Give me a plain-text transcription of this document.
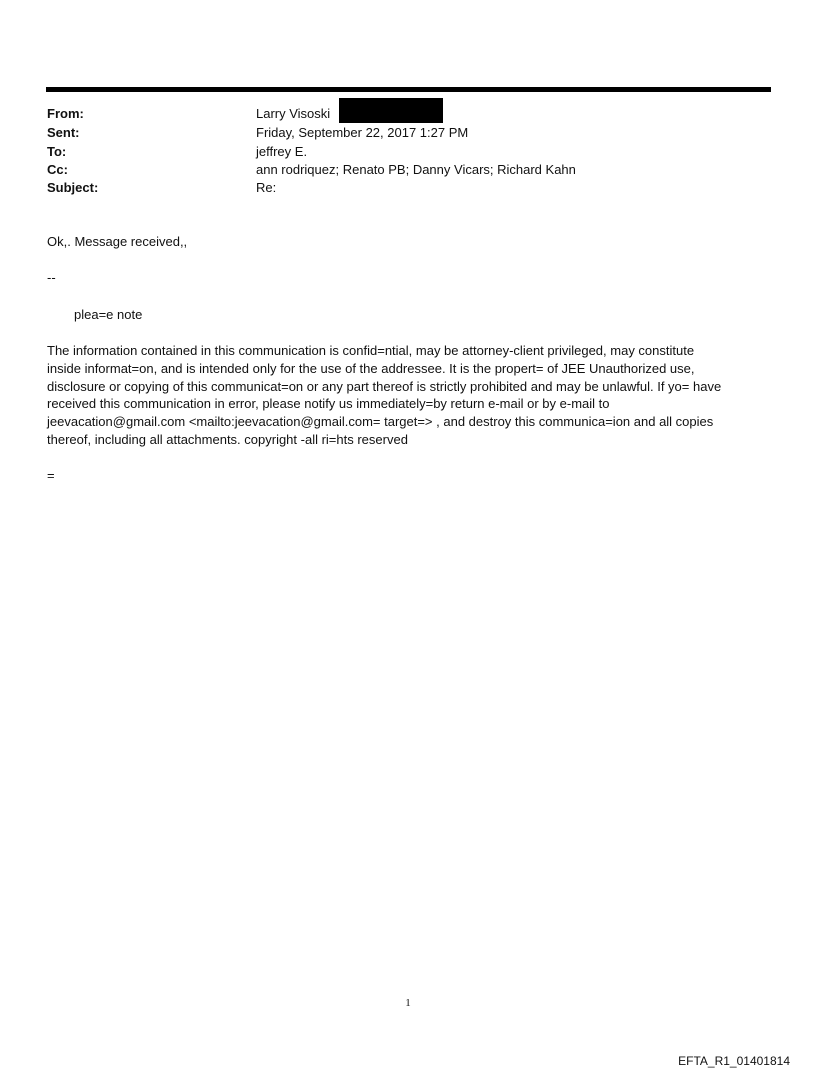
From:	Larry Visoski
Sent:	Friday, September 22, 2017 1:27 PM
To:	jeffrey E.
Cc:	ann rodriquez; Renato PB; Danny Vicars; Richard Kahn
Subject:	Re:
Ok,. Message received,,
--
plea=e note
The information contained in this communication is confid=ntial, may be attorney-client privileged, may constitute
inside informat=on, and is intended only for the use of the addressee. It is the propert= of JEE Unauthorized use,
disclosure or copying of this communicat=on or any part thereof is strictly prohibited and may be unlawful. If yo= have
received this communication in error, please notify us immediately=by return e-mail or by e-mail to
jeevacation@gmail.com <mailto:jeevacation@gmail.com= target=> , and destroy this communica=ion and all copies
thereof, including all attachments. copyright -all ri=hts reserved
=
1
EFTA_R1_01401814
